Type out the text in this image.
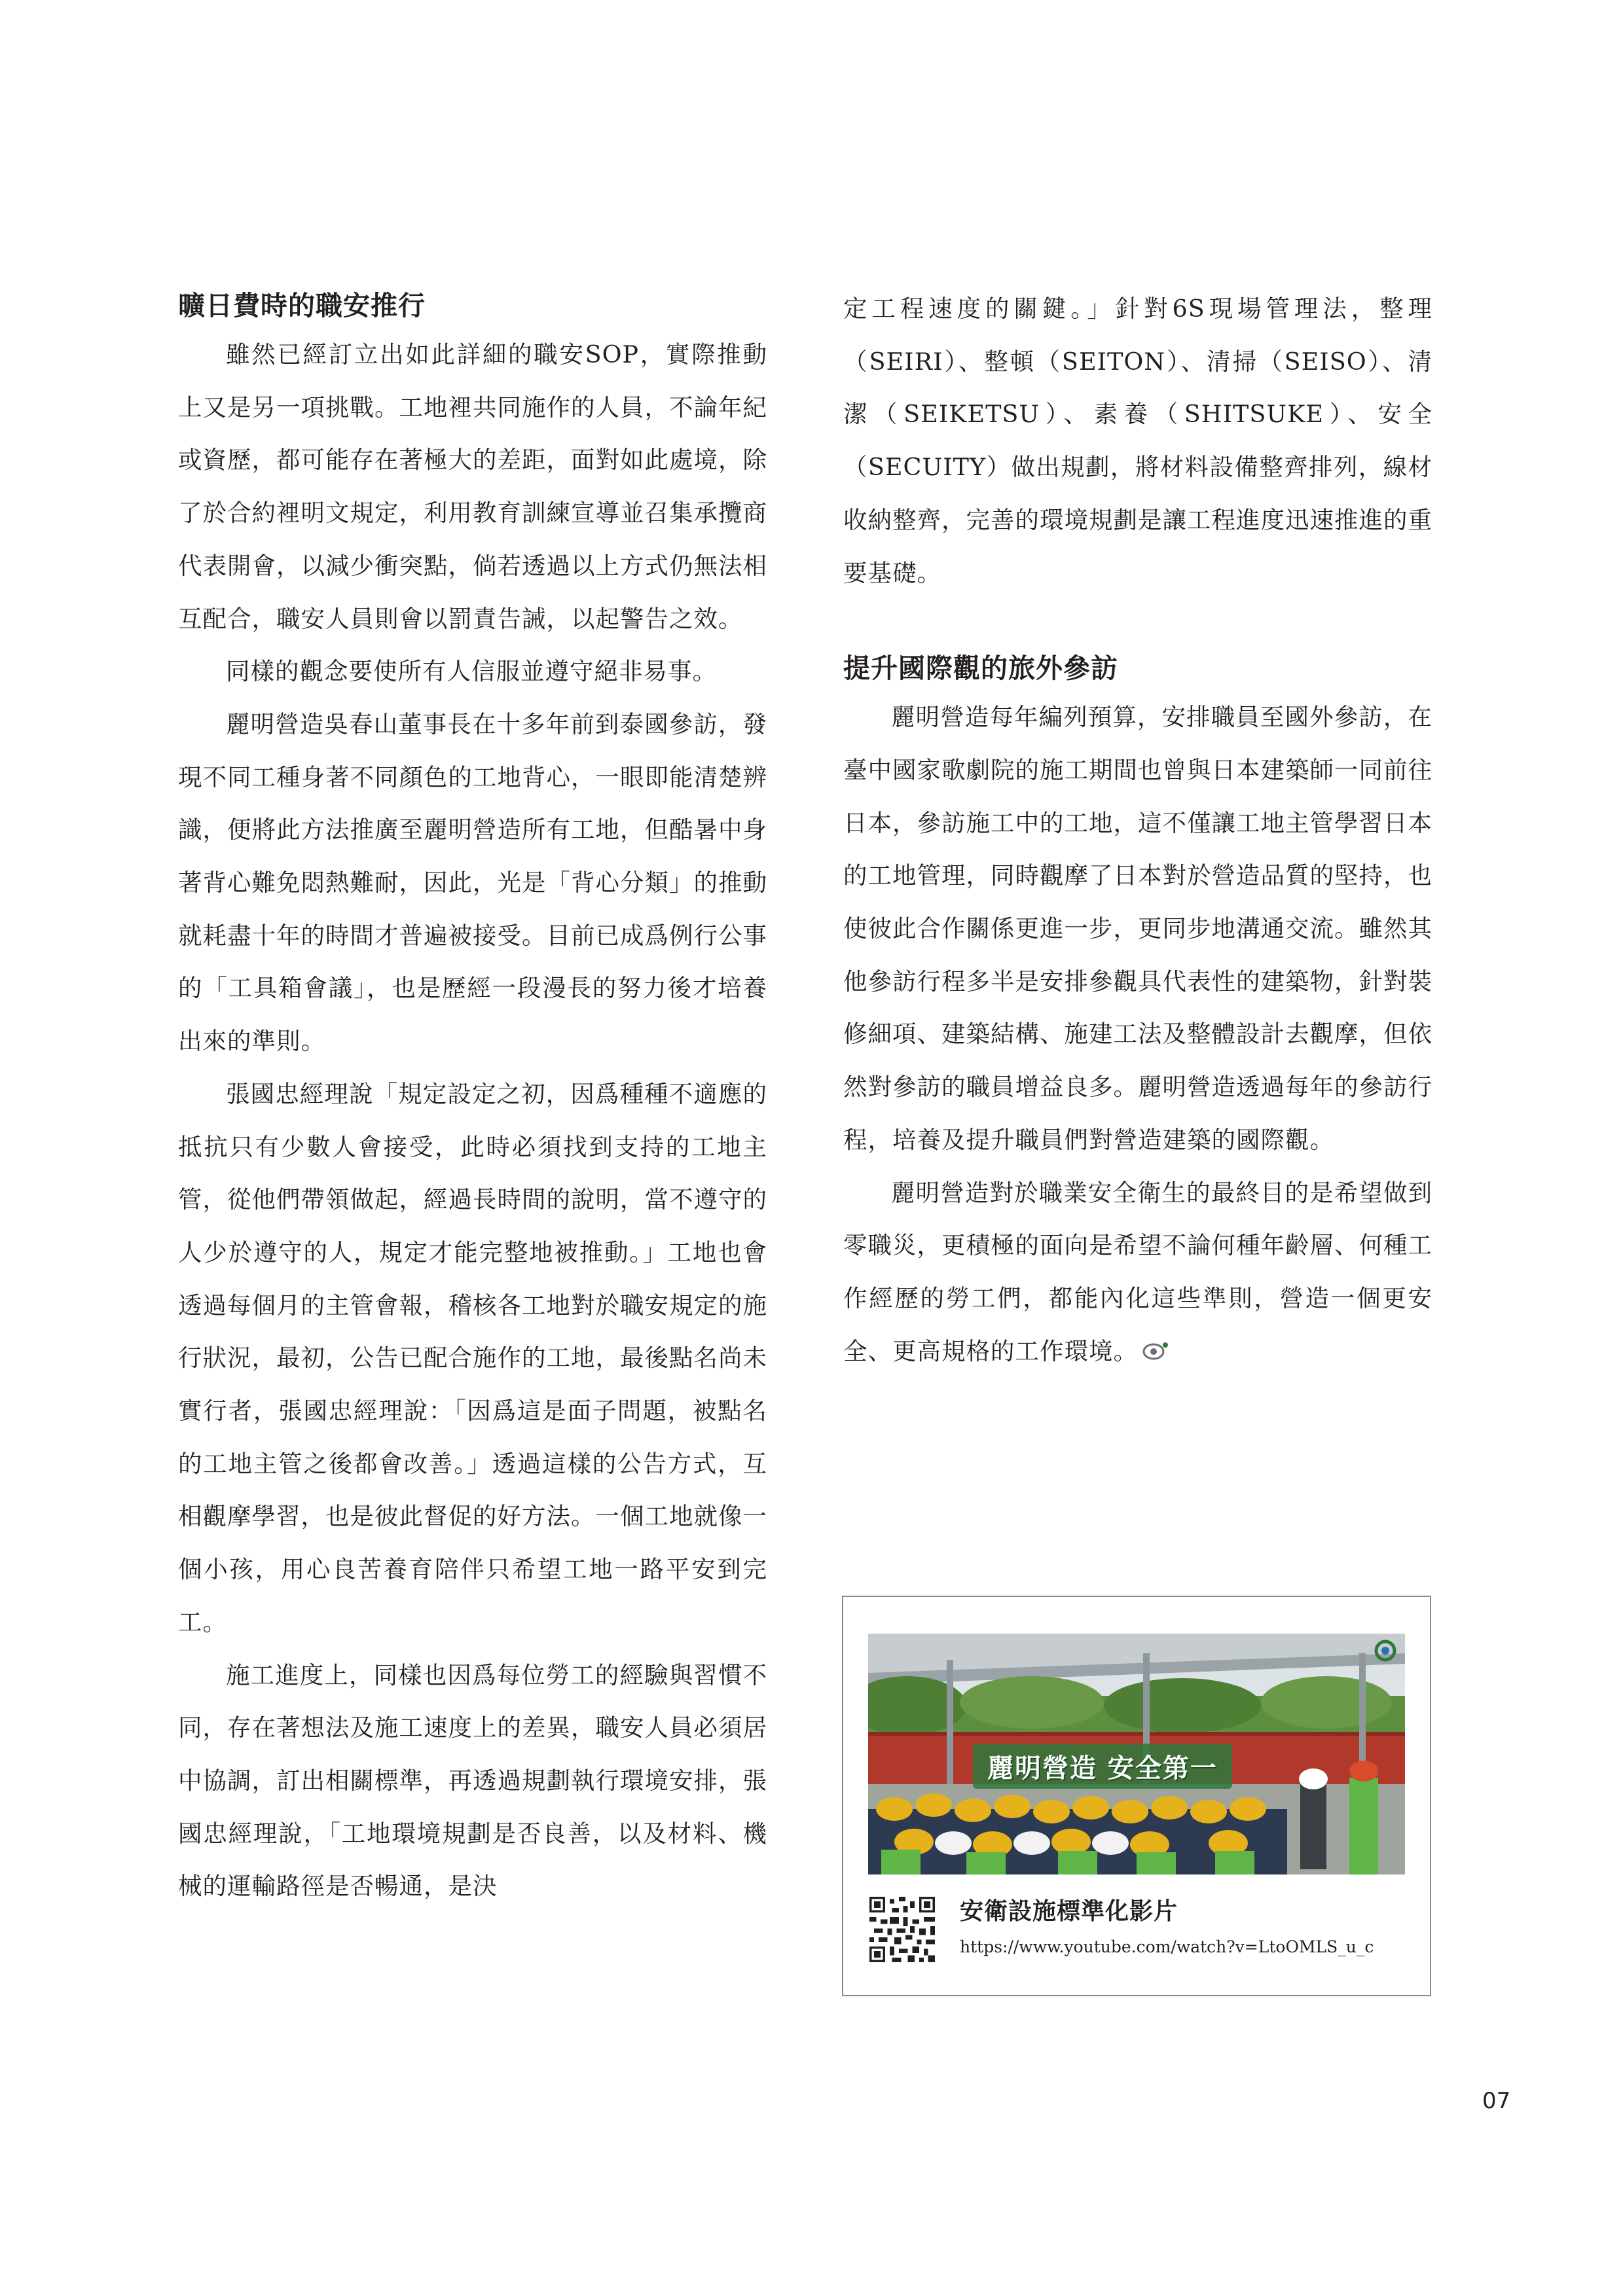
曠日費時的職安推行

雖然已經訂立出如此詳細的職安SOP，實際推動上又是另一項挑戰。工地裡共同施作的人員，不論年紀或資歷，都可能存在著極大的差距，面對如此處境，除了於合約裡明文規定，利用教育訓練宣導並召集承攬商代表開會，以減少衝突點，倘若透過以上方式仍無法相互配合，職安人員則會以罰責告誡，以起警告之效。

同樣的觀念要使所有人信服並遵守絕非易事。

麗明營造吳春山董事長在十多年前到泰國參訪，發現不同工種身著不同顏色的工地背心，一眼即能清楚辨識，便將此方法推廣至麗明營造所有工地，但酷暑中身著背心難免悶熱難耐，因此，光是「背心分類」的推動就耗盡十年的時間才普遍被接受。目前已成爲例行公事的「工具箱會議」，也是歷經一段漫長的努力後才培養出來的準則。

張國忠經理說「規定設定之初，因爲種種不適應的抵抗只有少數人會接受，此時必須找到支持的工地主管，從他們帶領做起，經過長時間的說明，當不遵守的人少於遵守的人，規定才能完整地被推動。」工地也會透過每個月的主管會報，稽核各工地對於職安規定的施行狀況，最初，公告已配合施作的工地，最後點名尚未實行者，張國忠經理說：「因爲這是面子問題，被點名的工地主管之後都會改善。」透過這樣的公告方式，互相觀摩學習，也是彼此督促的好方法。一個工地就像一個小孩，用心良苦養育陪伴只希望工地一路平安到完工。

施工進度上，同樣也因爲每位勞工的經驗與習慣不同，存在著想法及施工速度上的差異，職安人員必須居中協調，訂出相關標準，再透過規劃執行環境安排，張國忠經理說，「工地環境規劃是否良善，以及材料、機械的運輸路徑是否暢通，是決

定工程速度的關鍵。」針對6S現場管理法，整理（SEIRI）、整頓（SEITON）、清掃（SEISO）、清潔（SEIKETSU）、素養（SHITSUKE）、安全（SECUITY）做出規劃，將材料設備整齊排列，線材收納整齊，完善的環境規劃是讓工程進度迅速推進的重要基礎。

提升國際觀的旅外參訪

麗明營造每年編列預算，安排職員至國外參訪，在臺中國家歌劇院的施工期間也曾與日本建築師一同前往日本，參訪施工中的工地，這不僅讓工地主管學習日本的工地管理，同時觀摩了日本對於營造品質的堅持，也使彼此合作關係更進一步，更同步地溝通交流。雖然其他參訪行程多半是安排參觀具代表性的建築物，針對裝修細項、建築結構、施建工法及整體設計去觀摩，但依然對參訪的職員增益良多。麗明營造透過每年的參訪行程，培養及提升職員們對營造建築的國際觀。

麗明營造對於職業安全衛生的最終目的是希望做到零職災，更積極的面向是希望不論何種年齡層、何種工作經歷的勞工們，都能內化這些準則，營造一個更安全、更高規格的工作環境。

麗明營造 安全第一
安衛設施標準化影片
https://www.youtube.com/watch?v=LtoOMLS_u_c
07
